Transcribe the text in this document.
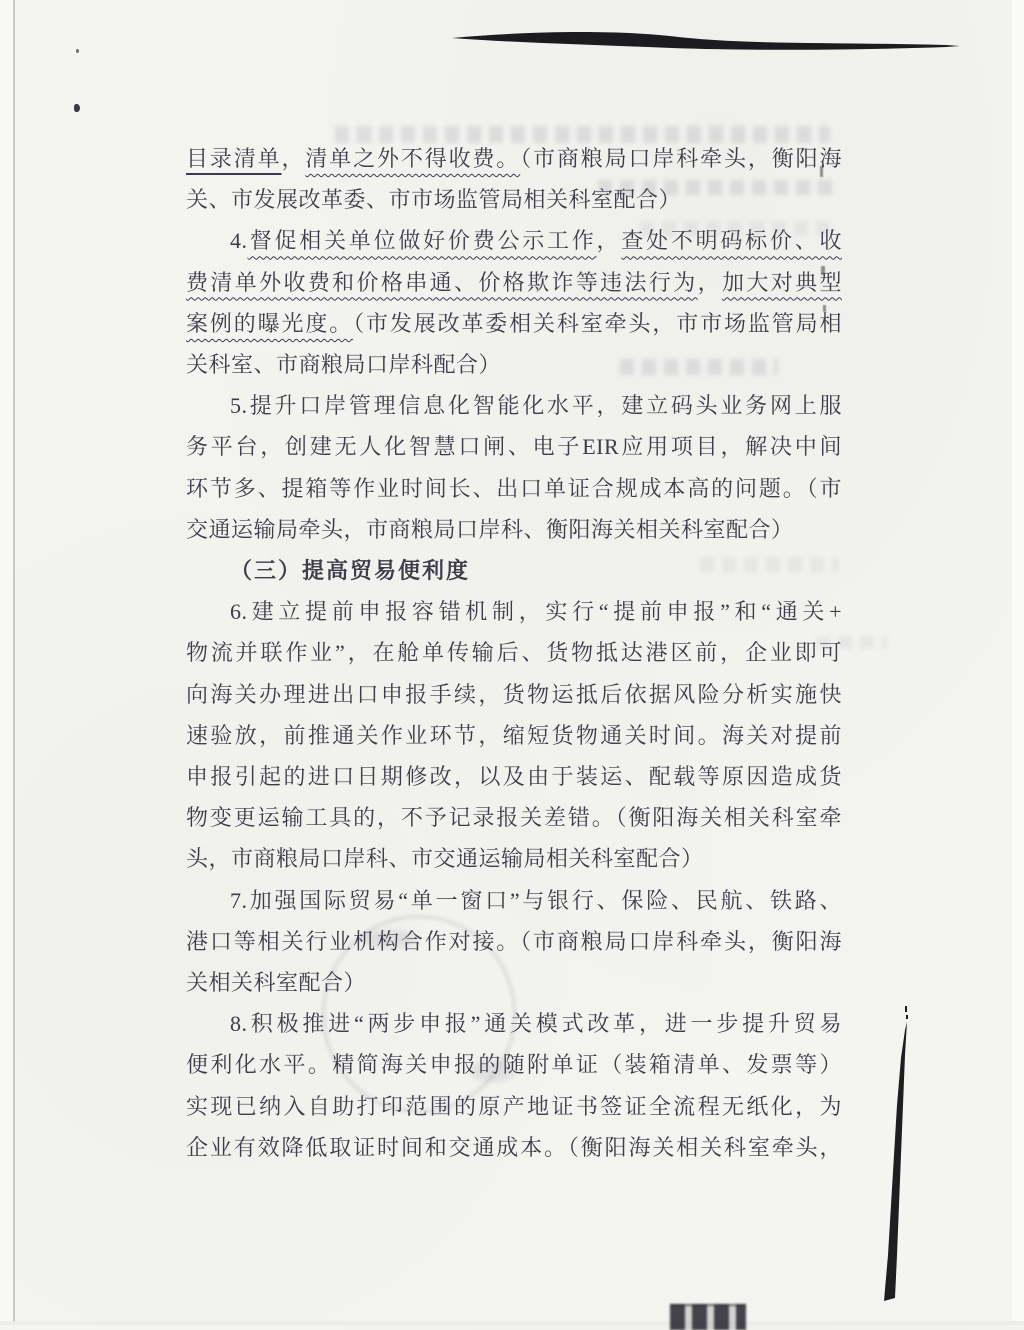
目录清单，清单之外不得收费。（市商粮局口岸科牵头，衡阳海
关、市发展改革委、市市场监管局相关科室配合）
4.督促相关单位做好价费公示工作，查处不明码标价、收
费清单外收费和价格串通、价格欺诈等违法行为，加大对典型
案例的曝光度。（市发展改革委相关科室牵头，市市场监管局相
关科室、市商粮局口岸科配合）
5.提升口岸管理信息化智能化水平，建立码头业务网上服
务平台，创建无人化智慧口闸、电子EIR应用项目，解决中间
环节多、提箱等作业时间长、出口单证合规成本高的问题。（市
交通运输局牵头，市商粮局口岸科、衡阳海关相关科室配合）
（三）提高贸易便利度
6.建立提前申报容错机制，实行“提前申报”和“通关+
物流并联作业”，在舱单传输后、货物抵达港区前，企业即可
向海关办理进出口申报手续，货物运抵后依据风险分析实施快
速验放，前推通关作业环节，缩短货物通关时间。海关对提前
申报引起的进口日期修改，以及由于装运、配载等原因造成货
物变更运输工具的，不予记录报关差错。（衡阳海关相关科室牵
头，市商粮局口岸科、市交通运输局相关科室配合）
7.加强国际贸易“单一窗口”与银行、保险、民航、铁路、
港口等相关行业机构合作对接。（市商粮局口岸科牵头，衡阳海
关相关科室配合）
8.积极推进“两步申报”通关模式改革，进一步提升贸易
便利化水平。精简海关申报的随附单证（装箱清单、发票等）
实现已纳入自助打印范围的原产地证书签证全流程无纸化，为
企业有效降低取证时间和交通成本。（衡阳海关相关科室牵头，
